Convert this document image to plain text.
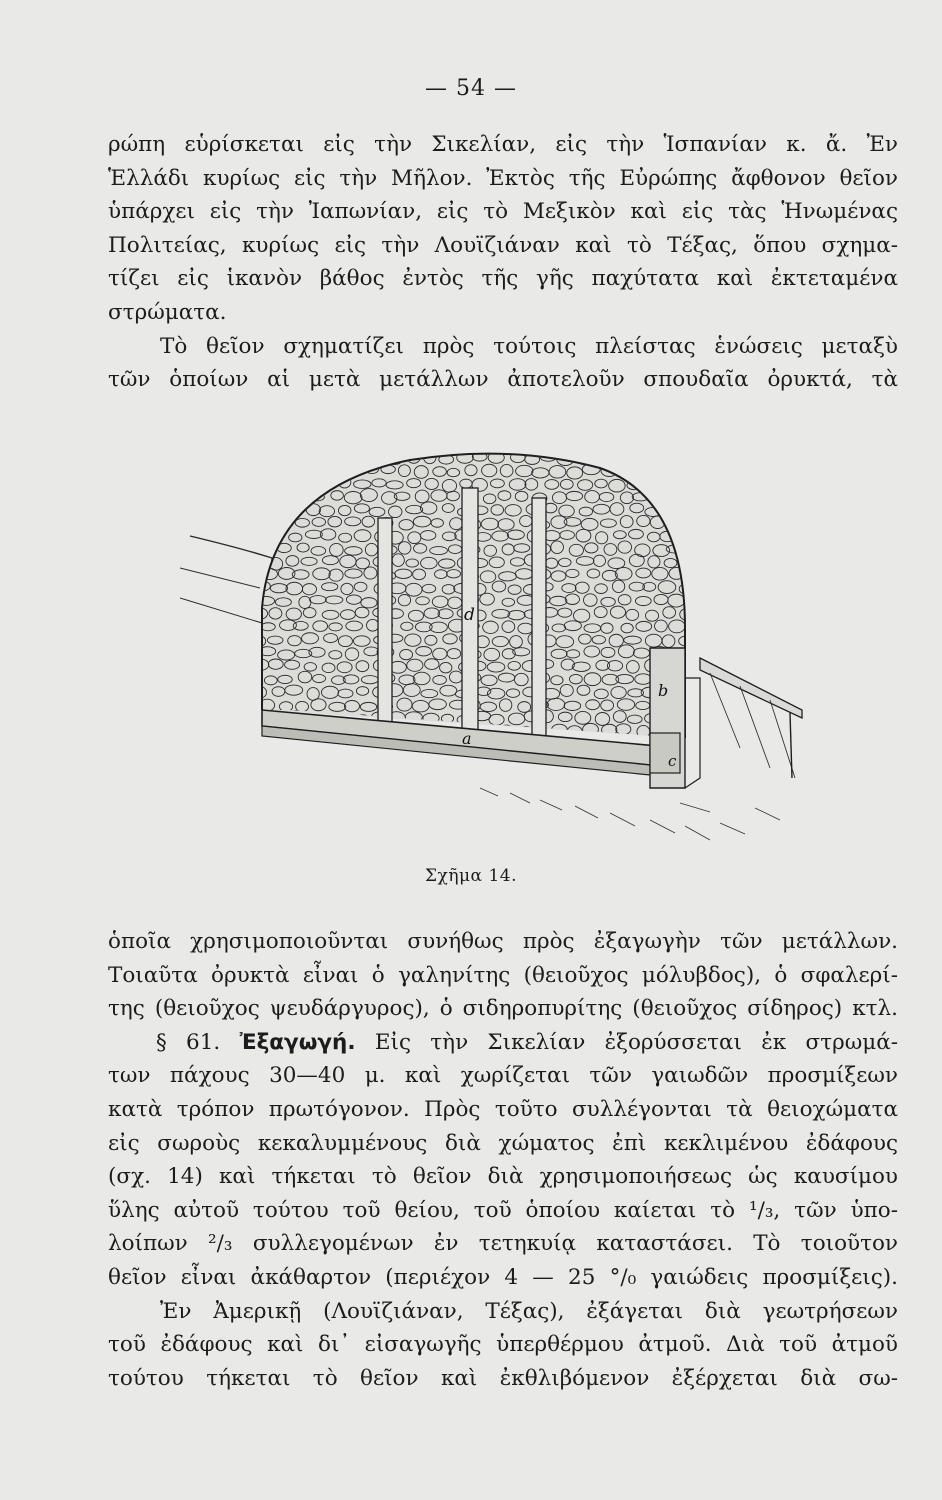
— 54 —
ρώπη εὑρίσκεται εἰς τὴν Σικελίαν, εἰς τὴν Ἱσπανίαν κ. ἄ. Ἐν
Ἑλλάδι κυρίως εἰς τὴν Μῆλον. Ἐκτὸς τῆς Εὐρώπης ἄφθονον θεῖον
ὑπάρχει εἰς τὴν Ἰαπωνίαν, εἰς τὸ Μεξικὸν καὶ εἰς τὰς Ἡνωμένας
Πολιτείας, κυρίως εἰς τὴν Λουϊζιάναν καὶ τὸ Τέξας, ὅπου σχημα-
τίζει εἰς ἱκανὸν βάθος ἐντὸς τῆς γῆς παχύτατα καὶ ἐκτεταμένα
στρώματα.
Τὸ θεῖον σχηματίζει πρὸς τούτοις πλείστας ἑνώσεις μεταξὺ
τῶν ὁποίων αἱ μετὰ μετάλλων ἀποτελοῦν σπουδαῖα ὀρυκτά, τὰ
d
a
b
c
Σχῆμα 14.
ὁποῖα χρησιμοποιοῦνται συνήθως πρὸς ἐξαγωγὴν τῶν μετάλλων.
Τοιαῦτα ὀρυκτὰ εἶναι ὁ γαληνίτης (θειοῦχος μόλυβδος), ὁ σφαλερί-
της (θειοῦχος ψευδάργυρος), ὁ σιδηροπυρίτης (θειοῦχος σίδηρος) κτλ.
§ 61. Ἐξαγωγή. Εἰς τὴν Σικελίαν ἐξορύσσεται ἐκ στρωμά-
των πάχους 30—40 μ. καὶ χωρίζεται τῶν γαιωδῶν προσμίξεων
κατὰ τρόπον πρωτόγονον. Πρὸς τοῦτο συλλέγονται τὰ θειοχώματα
εἰς σωροὺς κεκαλυμμένους διὰ χώματος ἐπὶ κεκλιμένου ἐδάφους
(σχ. 14) καὶ τήκεται τὸ θεῖον διὰ χρησιμοποιήσεως ὡς καυσίμου
ὕλης αὐτοῦ τούτου τοῦ θείου, τοῦ ὁποίου καίεται τὸ ¹/₃, τῶν ὑπο-
λοίπων ²/₃ συλλεγομένων ἐν τετηκυίᾳ καταστάσει. Τὸ τοιοῦτον
θεῖον εἶναι ἀκάθαρτον (περιέχον 4 — 25 °/₀ γαιώδεις προσμίξεις).
Ἐν Ἀμερικῇ (Λουϊζιάναν, Τέξας), ἐξάγεται διὰ γεωτρήσεων
τοῦ ἐδάφους καὶ δι᾽ εἰσαγωγῆς ὑπερθέρμου ἀτμοῦ. Διὰ τοῦ ἀτμοῦ
τούτου τήκεται τὸ θεῖον καὶ ἐκθλιβόμενον ἐξέρχεται διὰ σω-
